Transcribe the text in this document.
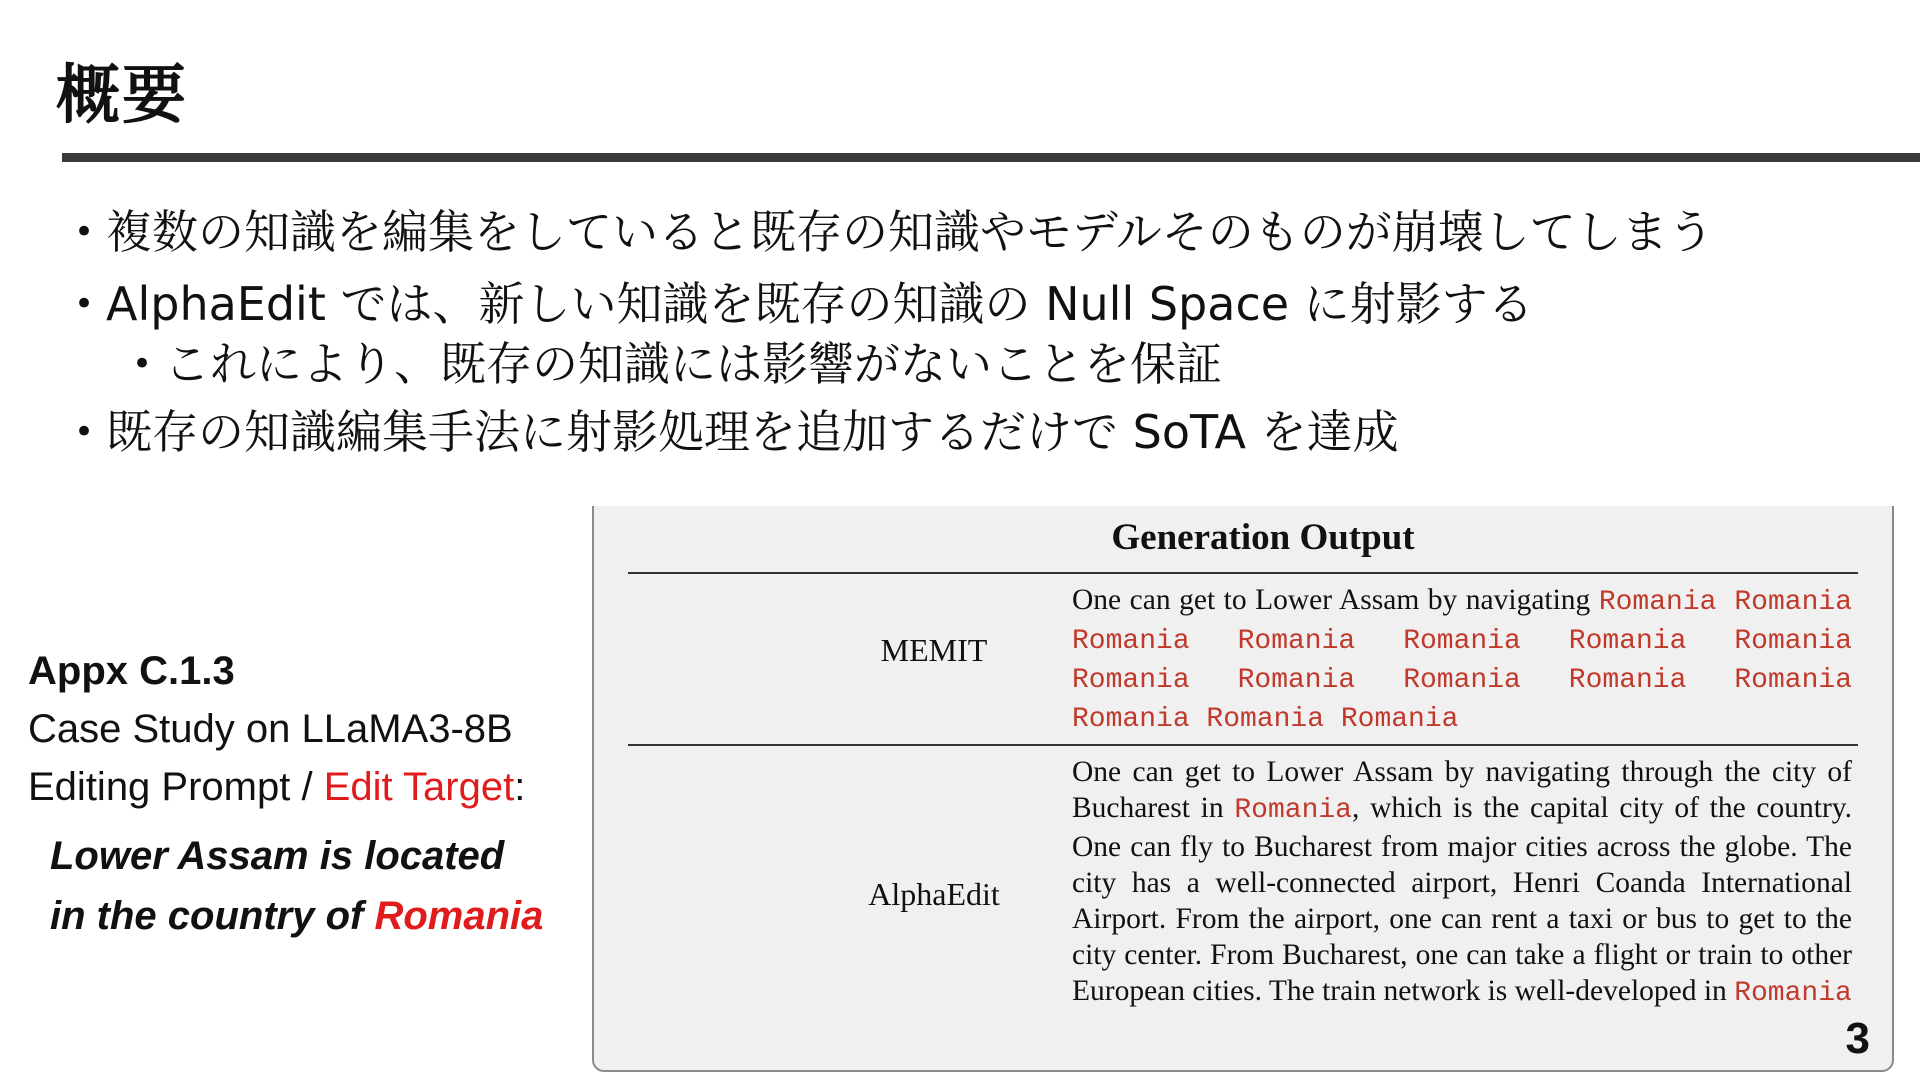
概要
• 複数の知識を編集をしていると既存の知識やモデルそのものが崩壊してしまう
• AlphaEdit では、新しい知識を既存の知識の Null Space に射影する
• これにより、既存の知識には影響がないことを保証
• 既存の知識編集手法に射影処理を追加するだけで SoTA を達成
Appx C.1.3
Case Study on LLaMA3-8B
Editing Prompt / Edit Target:
Lower Assam is located
in the country of Romania
Generation Output
MEMIT
One can get to Lower Assam by navigating Romania Romania Romania Romania Romania Romania Romania Romania Romania Romania Romania Romania Romania Romania Romania
AlphaEdit
One can get to Lower Assam by navigating through the city of Bucharest in Romania, which is the capital city of the country. One can fly to Bucharest from major cities across the globe. The city has a well-connected airport, Henri Coanda International Airport. From the airport, one can rent a taxi or bus to get to the city center. From Bucharest, one can take a flight or train to other European cities. The train network is well-developed in Romania
3
